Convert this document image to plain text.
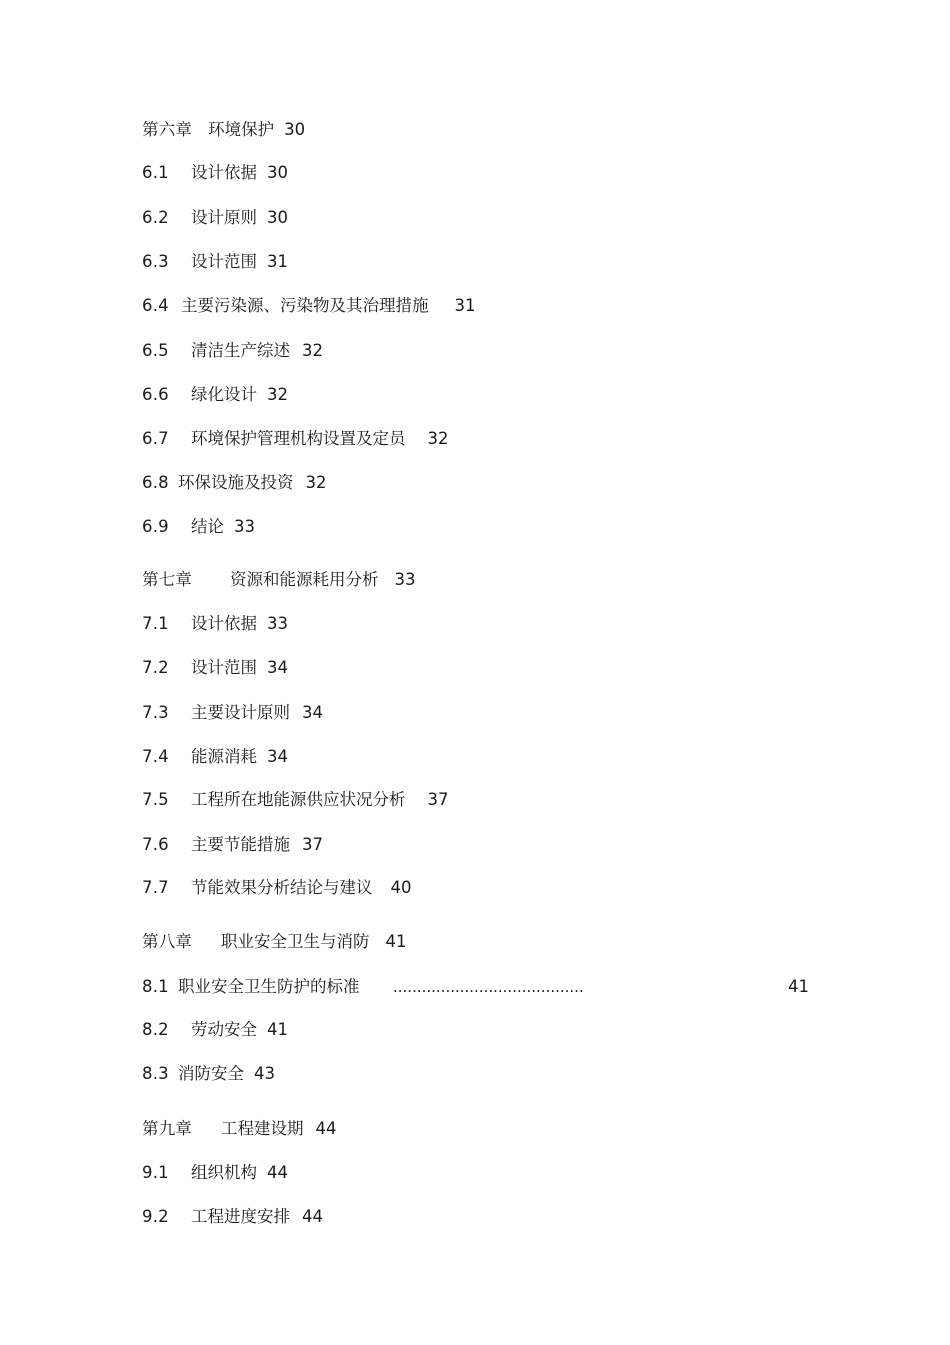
第六章 环境保护 30
6.1 设计依据 30
6.2 设计原则 30
6.3 设计范围 31
6.4 主要污染源、污染物及其治理措施 31
6.5 清洁生产综述 32
6.6 绿化设计 32
6.7 环境保护管理机构设置及定员 32
6.8 环保设施及投资 32
6.9 结论 33
第七章 资源和能源耗用分析 33
7.1 设计依据 33
7.2 设计范围 34
7.3 主要设计原则 34
7.4 能源消耗 34
7.5 工程所在地能源供应状况分析 37
7.6 主要节能措施 37
7.7 节能效果分析结论与建议 40
第八章 职业安全卫生与消防 41
8.1 职业安全卫生防护的标准 ........................................	41
8.2 劳动安全 41
8.3 消防安全 43
第九章 工程建设期 44
9.1 组织机构 44
9.2 工程进度安排 44
